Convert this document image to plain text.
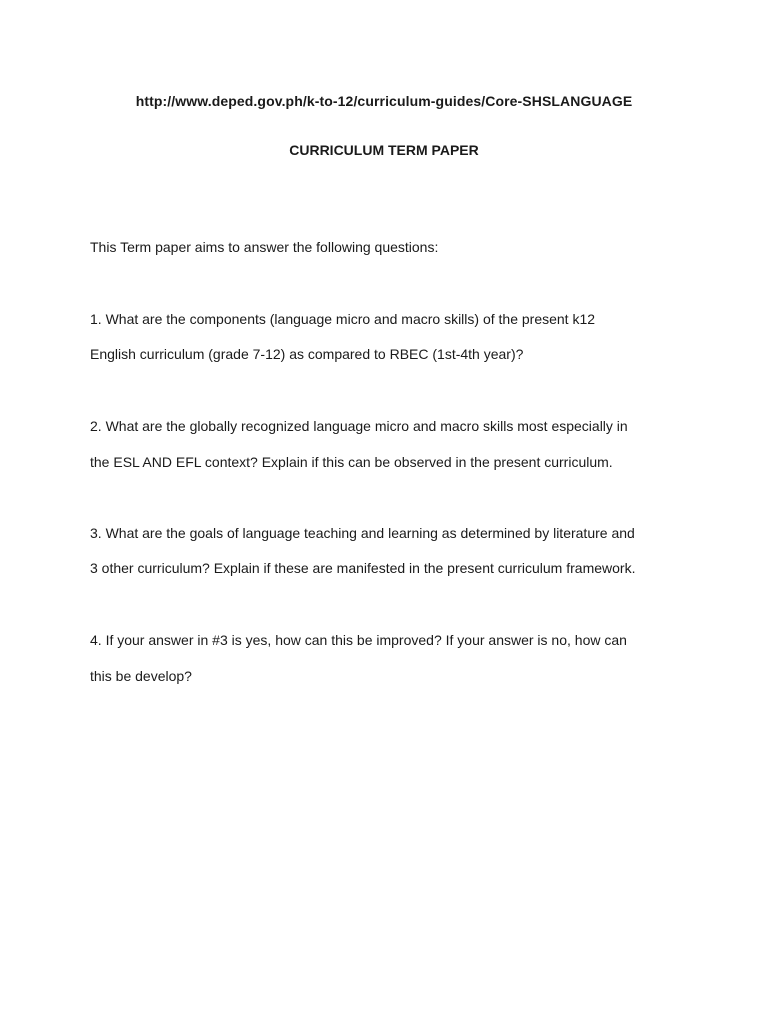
http://www.deped.gov.ph/k-to-12/curriculum-guides/Core-SHSLANGUAGE
CURRICULUM TERM PAPER
This Term paper aims to answer the following questions:
1. What are the components (language micro and macro skills) of the present k12
English curriculum (grade 7-12) as compared to RBEC (1st-4th year)?
2. What are the globally recognized language micro and macro skills most especially in
the ESL AND EFL context? Explain if this can be observed in the present curriculum.
3. What are the goals of language teaching and learning as determined by literature and
3 other curriculum? Explain if these are manifested in the present curriculum framework.
4. If your answer in #3 is yes, how can this be improved? If your answer is no, how can
this be develop?
